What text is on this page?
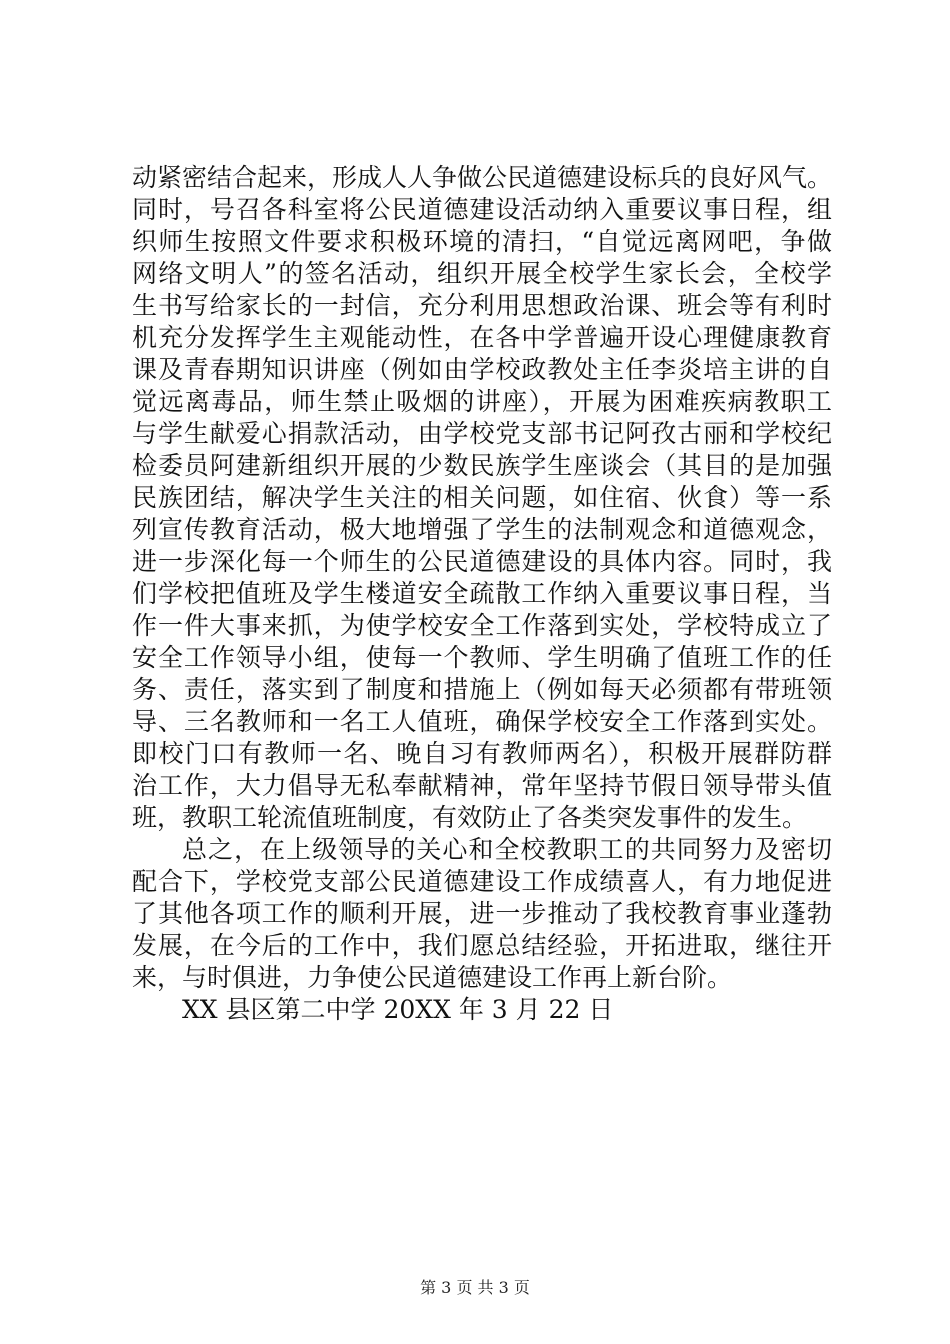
动紧密结合起来，形成人人争做公民道德建设标兵的良好风气。
同时，号召各科室将公民道德建设活动纳入重要议事日程，组
织师生按照文件要求积极环境的清扫，“自觉远离网吧，争做
网络文明人”的签名活动，组织开展全校学生家长会，全校学
生书写给家长的一封信，充分利用思想政治课、班会等有利时
机充分发挥学生主观能动性，在各中学普遍开设心理健康教育
课及青春期知识讲座（例如由学校政教处主任李炎培主讲的自
觉远离毒品，师生禁止吸烟的讲座），开展为困难疾病教职工
与学生献爱心捐款活动，由学校党支部书记阿孜古丽和学校纪
检委员阿建新组织开展的少数民族学生座谈会（其目的是加强
民族团结，解决学生关注的相关问题，如住宿、伙食）等一系
列宣传教育活动，极大地增强了学生的法制观念和道德观念，
进一步深化每一个师生的公民道德建设的具体内容。同时，我
们学校把值班及学生楼道安全疏散工作纳入重要议事日程，当
作一件大事来抓，为使学校安全工作落到实处，学校特成立了
安全工作领导小组，使每一个教师、学生明确了值班工作的任
务、责任，落实到了制度和措施上（例如每天必须都有带班领
导、三名教师和一名工人值班，确保学校安全工作落到实处。
即校门口有教师一名、晚自习有教师两名），积极开展群防群
治工作，大力倡导无私奉献精神，常年坚持节假日领导带头值
班，教职工轮流值班制度，有效防止了各类突发事件的发生。
总之，在上级领导的关心和全校教职工的共同努力及密切
配合下，学校党支部公民道德建设工作成绩喜人，有力地促进
了其他各项工作的顺利开展，进一步推动了我校教育事业蓬勃
发展，在今后的工作中，我们愿总结经验，开拓进取，继往开
来，与时俱进，力争使公民道德建设工作再上新台阶。
XX 县区第二中学 20XX 年 3 月 22 日
第 3 页 共 3 页
